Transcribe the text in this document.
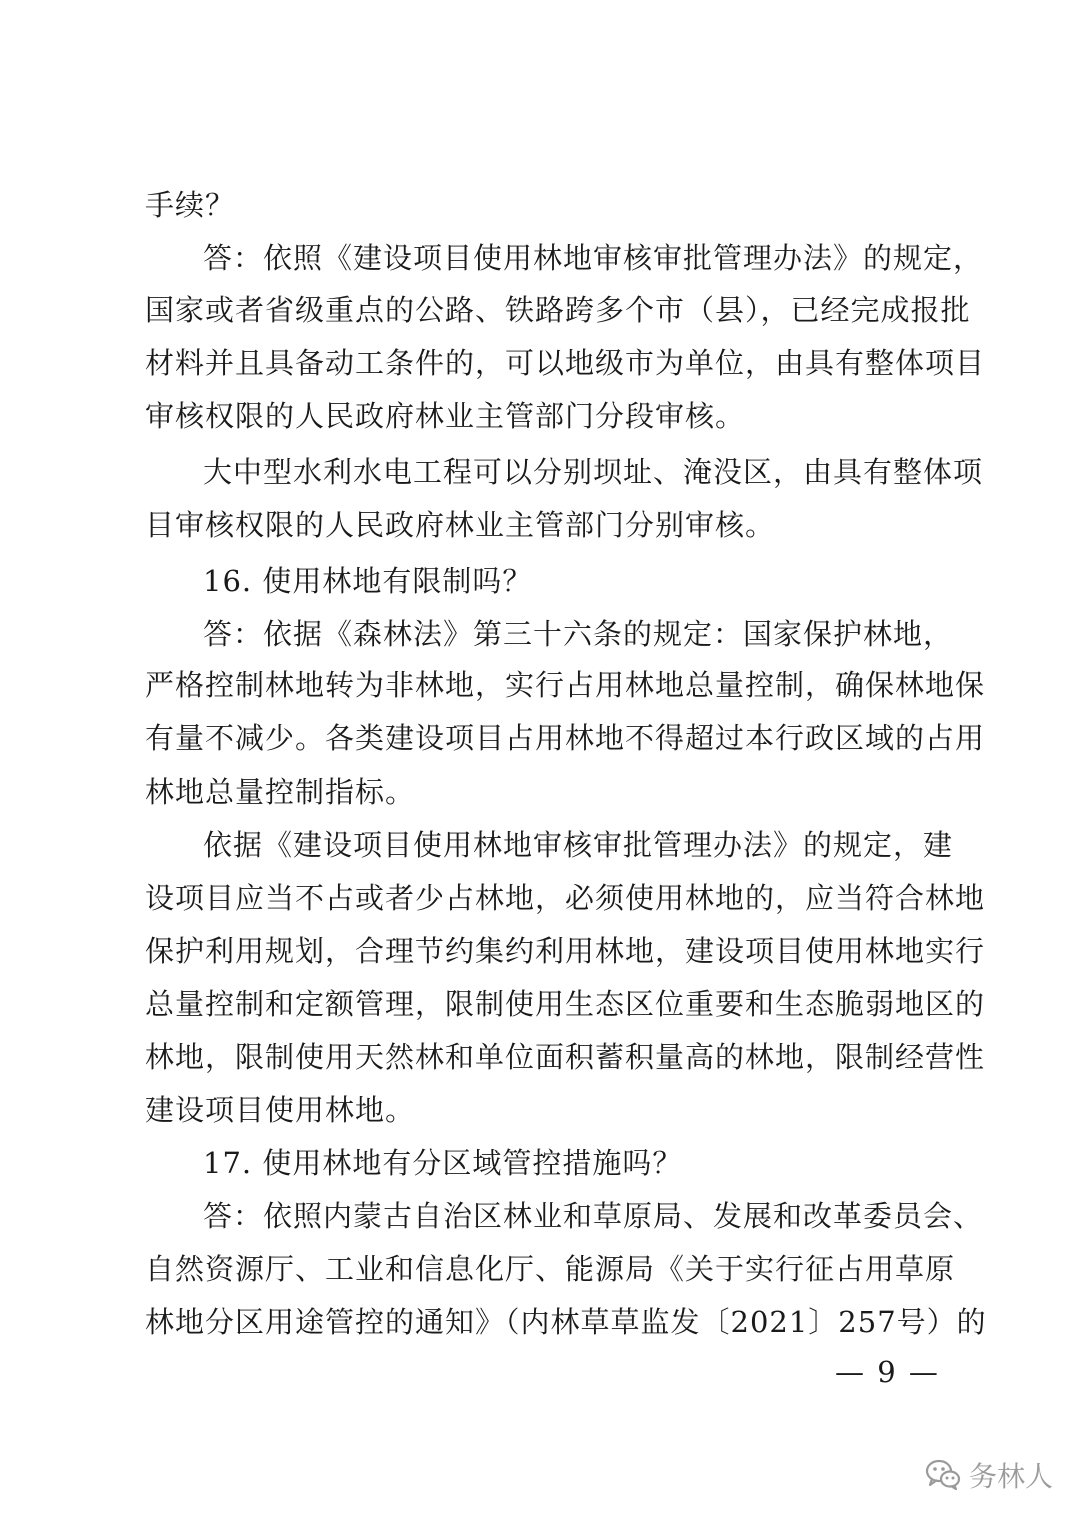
手续？
答：依照《建设项目使用林地审核审批管理办法》的规定，
国家或者省级重点的公路、铁路跨多个市（县），已经完成报批
材料并且具备动工条件的，可以地级市为单位，由具有整体项目
审核权限的人民政府林业主管部门分段审核。
大中型水利水电工程可以分别坝址、淹没区，由具有整体项
目审核权限的人民政府林业主管部门分别审核。
16. 使用林地有限制吗？
答：依据《森林法》第三十六条的规定：国家保护林地，
严格控制林地转为非林地，实行占用林地总量控制，确保林地保
有量不减少。各类建设项目占用林地不得超过本行政区域的占用
林地总量控制指标。
依据《建设项目使用林地审核审批管理办法》的规定，建
设项目应当不占或者少占林地，必须使用林地的，应当符合林地
保护利用规划，合理节约集约利用林地，建设项目使用林地实行
总量控制和定额管理，限制使用生态区位重要和生态脆弱地区的
林地，限制使用天然林和单位面积蓄积量高的林地，限制经营性
建设项目使用林地。
17. 使用林地有分区域管控措施吗？
答：依照内蒙古自治区林业和草原局、发展和改革委员会、
自然资源厅、工业和信息化厅、能源局《关于实行征占用草原
林地分区用途管控的通知》（内林草草监发〔2021〕257号）的
— 9 —
务林人
